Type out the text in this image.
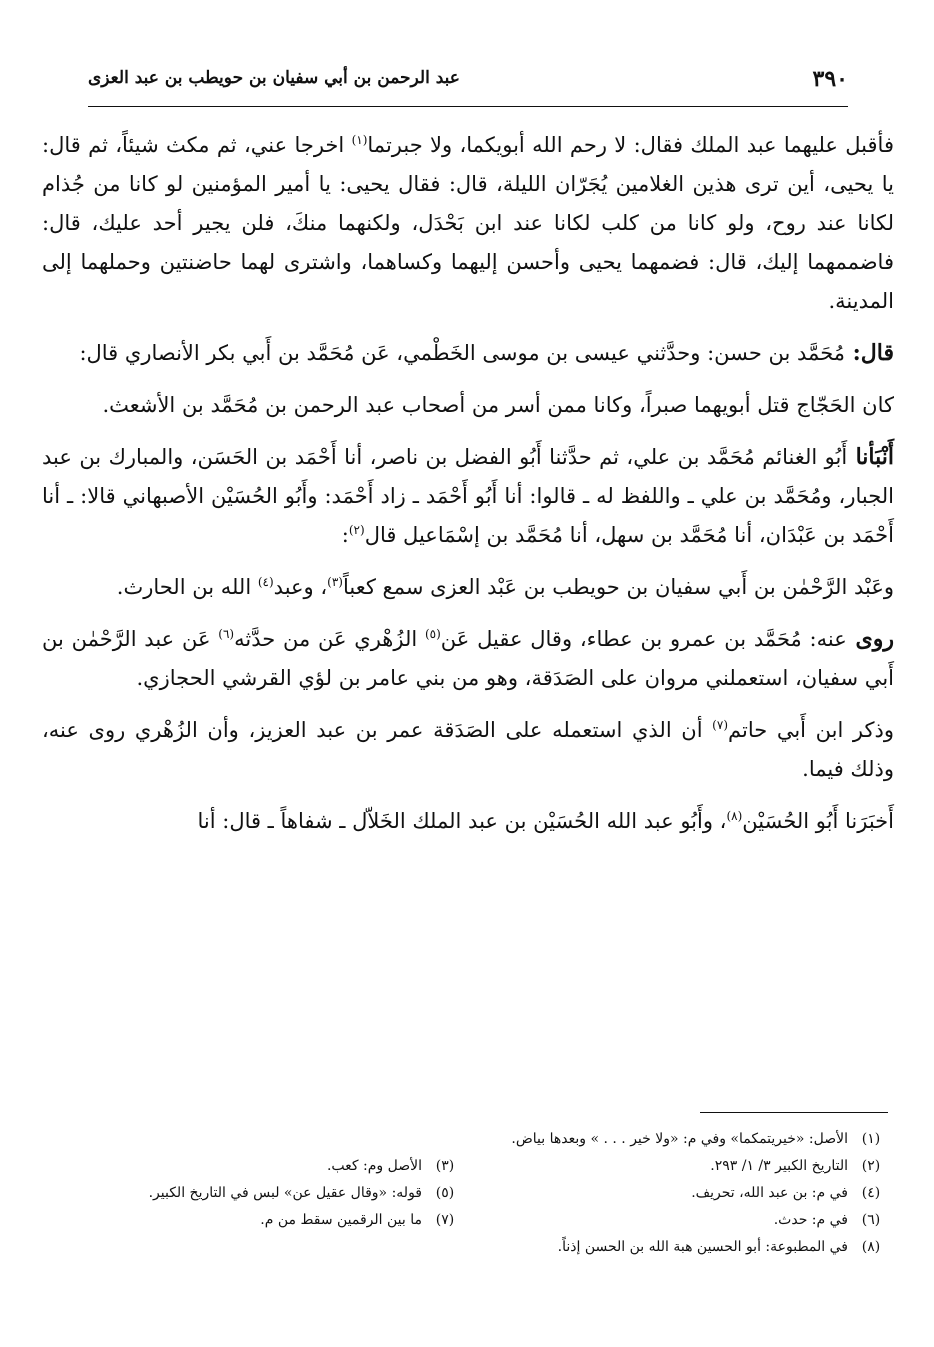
٣٩٠
عبد الرحمن بن أبي سفيان بن حويطب بن عبد العزى

فأقبل عليهما عبد الملك فقال: لا رحم الله أبويكما، ولا جبرتما$^{(١)}$ اخرجا عني، ثم مكث شيئاً، ثم قال: يا يحيى، أين ترى هذين الغلامين يُجَرّان الليلة، قال: فقال يحيى: يا أمير المؤمنين لو كانا من جُذام لكانا عند روح، ولو كانا من كلب لكانا عند ابن بَحْدَل، ولكنهما منكَ، فلن يجير أحد عليك، قال: فاضممهما إليك، قال: فضمهما يحيى وأحسن إليهما وكساهما، واشترى لهما حاضنتين وحملهما إلى المدينة.

قال: مُحَمَّد بن حسن: وحدَّثني عيسى بن موسى الخَطْمي، عَن مُحَمَّد بن أَبي بكر الأنصاري قال:

كان الحَجّاج قتل أبويهما صبراً، وكانا ممن أسر من أصحاب عبد الرحمن بن مُحَمَّد بن الأشعث.

أَنْبَأنا أَبُو الغنائم مُحَمَّد بن علي، ثم حدَّثنا أَبُو الفضل بن ناصر، أنا أَحْمَد بن الحَسَن، والمبارك بن عبد الجبار، ومُحَمَّد بن علي ـ واللفظ له ـ قالوا: أنا أَبُو أَحْمَد ـ زاد أَحْمَد: وأَبُو الحُسَيْن الأصبهاني قالا: ـ أنا أَحْمَد بن عَبْدَان، أنا مُحَمَّد بن سهل، أنا مُحَمَّد بن إسْمَاعيل قال$^{(٢)}$:

وعَبْد الرَّحْمٰن بن أَبي سفيان بن حويطب بن عَبْد العزى سمع كعباً$^{(٣)}$، وعبد$^{(٤)}$ الله بن الحارث.

روى عنه: مُحَمَّد بن عمرو بن عطاء، وقال عقيل عَن$^{(٥)}$ الزُهْري عَن من حدَّثه$^{(٦)}$ عَن عبد الرَّحْمٰن بن أَبي سفيان، استعملني مروان على الصَدَقة، وهو من بني عامر بن لؤي القرشي الحجازي.

وذكر ابن أَبي حاتم$^{(٧)}$ أن الذي استعمله على الصَدَقة عمر بن عبد العزيز، وأن الزُهْري روى عنه، وذلك فيما.

أَخبَرَنا أَبُو الحُسَيْن$^{(٨)}$، وأَبُو عبد الله الحُسَيْن بن عبد الملك الخَلاّل ـ شفاهاً ـ قال: أنا

(١)
الأصل: «خيريتمكما» وفي م: «ولا خير . . . » وبعدها بياض.
(٢)
التاريخ الكبير ٣/ ١/ ٢٩٣.
(٣)
الأصل وم: كعب.
(٤)
في م: بن عبد الله، تحريف.
(٥)
قوله: «وقال عقيل عن» لبس في التاريخ الكبير.
(٦)
في م: حدث.
(٧)
ما بين الرقمين سقط من م.
(٨)
في المطبوعة: أبو الحسين هبة الله بن الحسن إذناً.
